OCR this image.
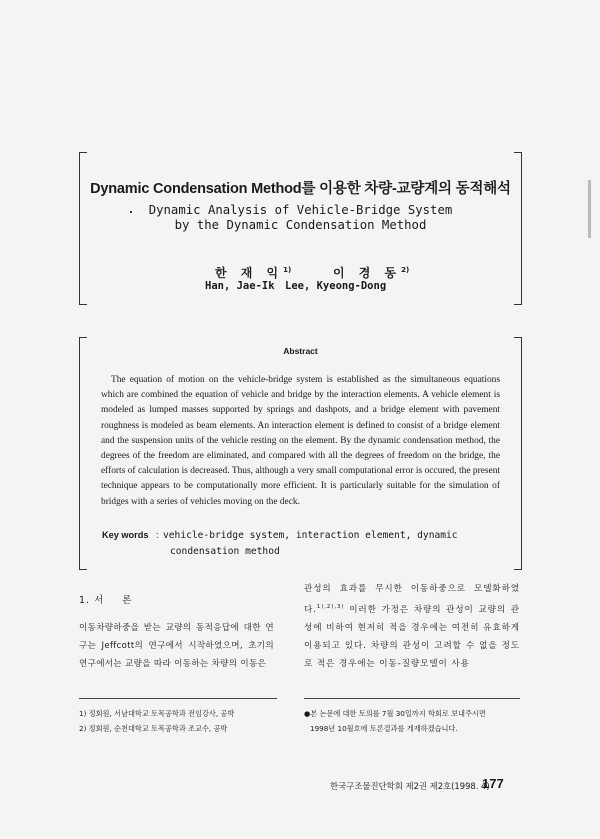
Dynamic Condensation Method를 이용한 차량-교량계의 동적해석
Dynamic Analysis of Vehicle-Bridge System
by the Dynamic Condensation Method
한 재 익$^{1)}$	이 경 동$^{2)}$
Han, Jae-Ik Lee, Kyeong-Dong
Abstract
The equation of motion on the vehicle-bridge system is established as the simultaneous equations which are combined the equation of vehicle and bridge by the interaction elements. A vehicle element is modeled as lumped masses supported by springs and dashpots, and a bridge element with pavement roughness is modeled as beam elements. An interaction element is defined to consist of a bridge element and the suspension units of the vehicle resting on the element. By the dynamic condensation method, the degrees of the freedom are eliminated, and compared with all the degrees of freedom on the bridge, the efforts of calculation is decreased. Thus, although a very small computational error is occured, the present technique appears to be computationally more efficient. It is particularly suitable for the simulation of bridges with a series of vehicles moving on the deck.
Key words : vehicle-bridge system, interaction element, dynamic condensation method
1. 서 론
이동차량하중을 받는 교량의 동적응답에 대한 연구는 Jeffcott의 연구에서 시작하였으며, 초기의 연구에서는 교량을 따라 이동하는 차량의 이동은
관성의 효과를 무시한 이동하중으로 모델화하였다.$^{1),2),3)}$ 이러한 가정은 차량의 관성이 교량의 관성에 비하여 현저히 적을 경우에는 여전히 유효하게 이용되고 있다. 차량의 관성이 고려할 수 없을 정도로 적은 경우에는 이동-질량모델이 사용
1) 정회원, 서남대학교 토목공학과 전임강사, 공박
2) 정회원, 순천대학교 토목공학과 조교수, 공박
●본 논문에 대한 토의를 7월 30일까지 학회로 보내주시면
1998년 10월호에 토론결과를 게재하겠습니다.
한국구조물진단학회 제2권 제2호(1998. 4)
177
